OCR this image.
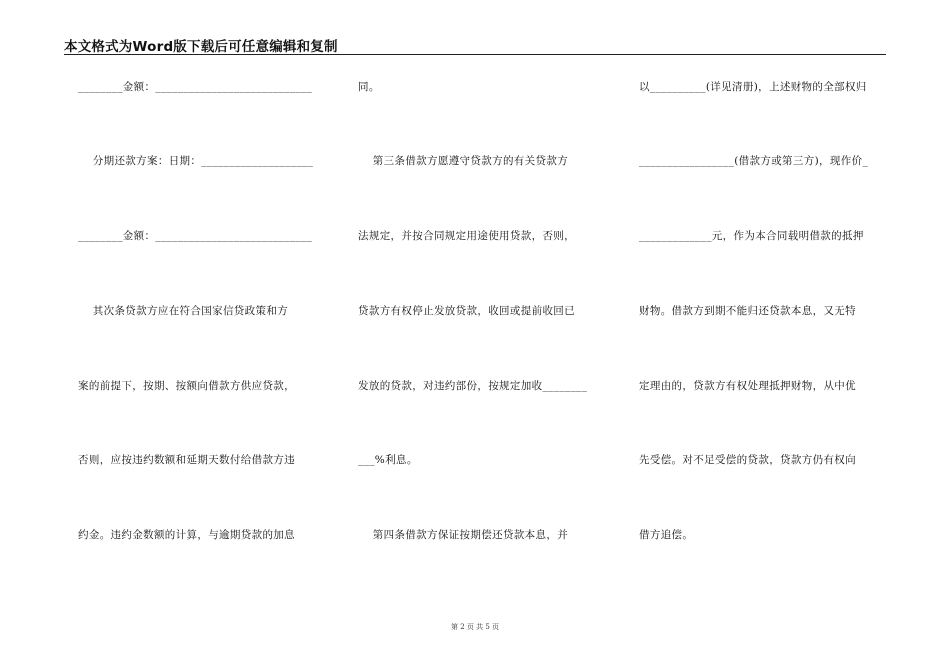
本文格式为Word版下载后可任意编辑和复制
________金额：____________________________
分期还款方案：日期：____________________
________金额：____________________________
其次条贷款方应在符合国家信贷政策和方
案的前提下，按期、按额向借款方供应贷款，
否则，应按违约数额和延期天数付给借款方违
约金。违约金数额的计算，与逾期贷款的加息
同。
第三条借款方愿遵守贷款方的有关贷款方
法规定，并按合同规定用途使用贷款，否则，
贷款方有权停止发放贷款，收回或提前收回已
发放的贷款，对违约部份，按规定加收________
___%利息。
第四条借款方保证按期偿还贷款本息，并
以__________(详见清册)，上述财物的全部权归
_________________(借款方或第三方)，现作价_
_____________元，作为本合同载明借款的抵押
财物。借款方到期不能归还贷款本息，又无特
定理由的，贷款方有权处理抵押财物，从中优
先受偿。对不足受偿的贷款，贷款方仍有权向
借方追偿。
第 2 页 共 5 页
